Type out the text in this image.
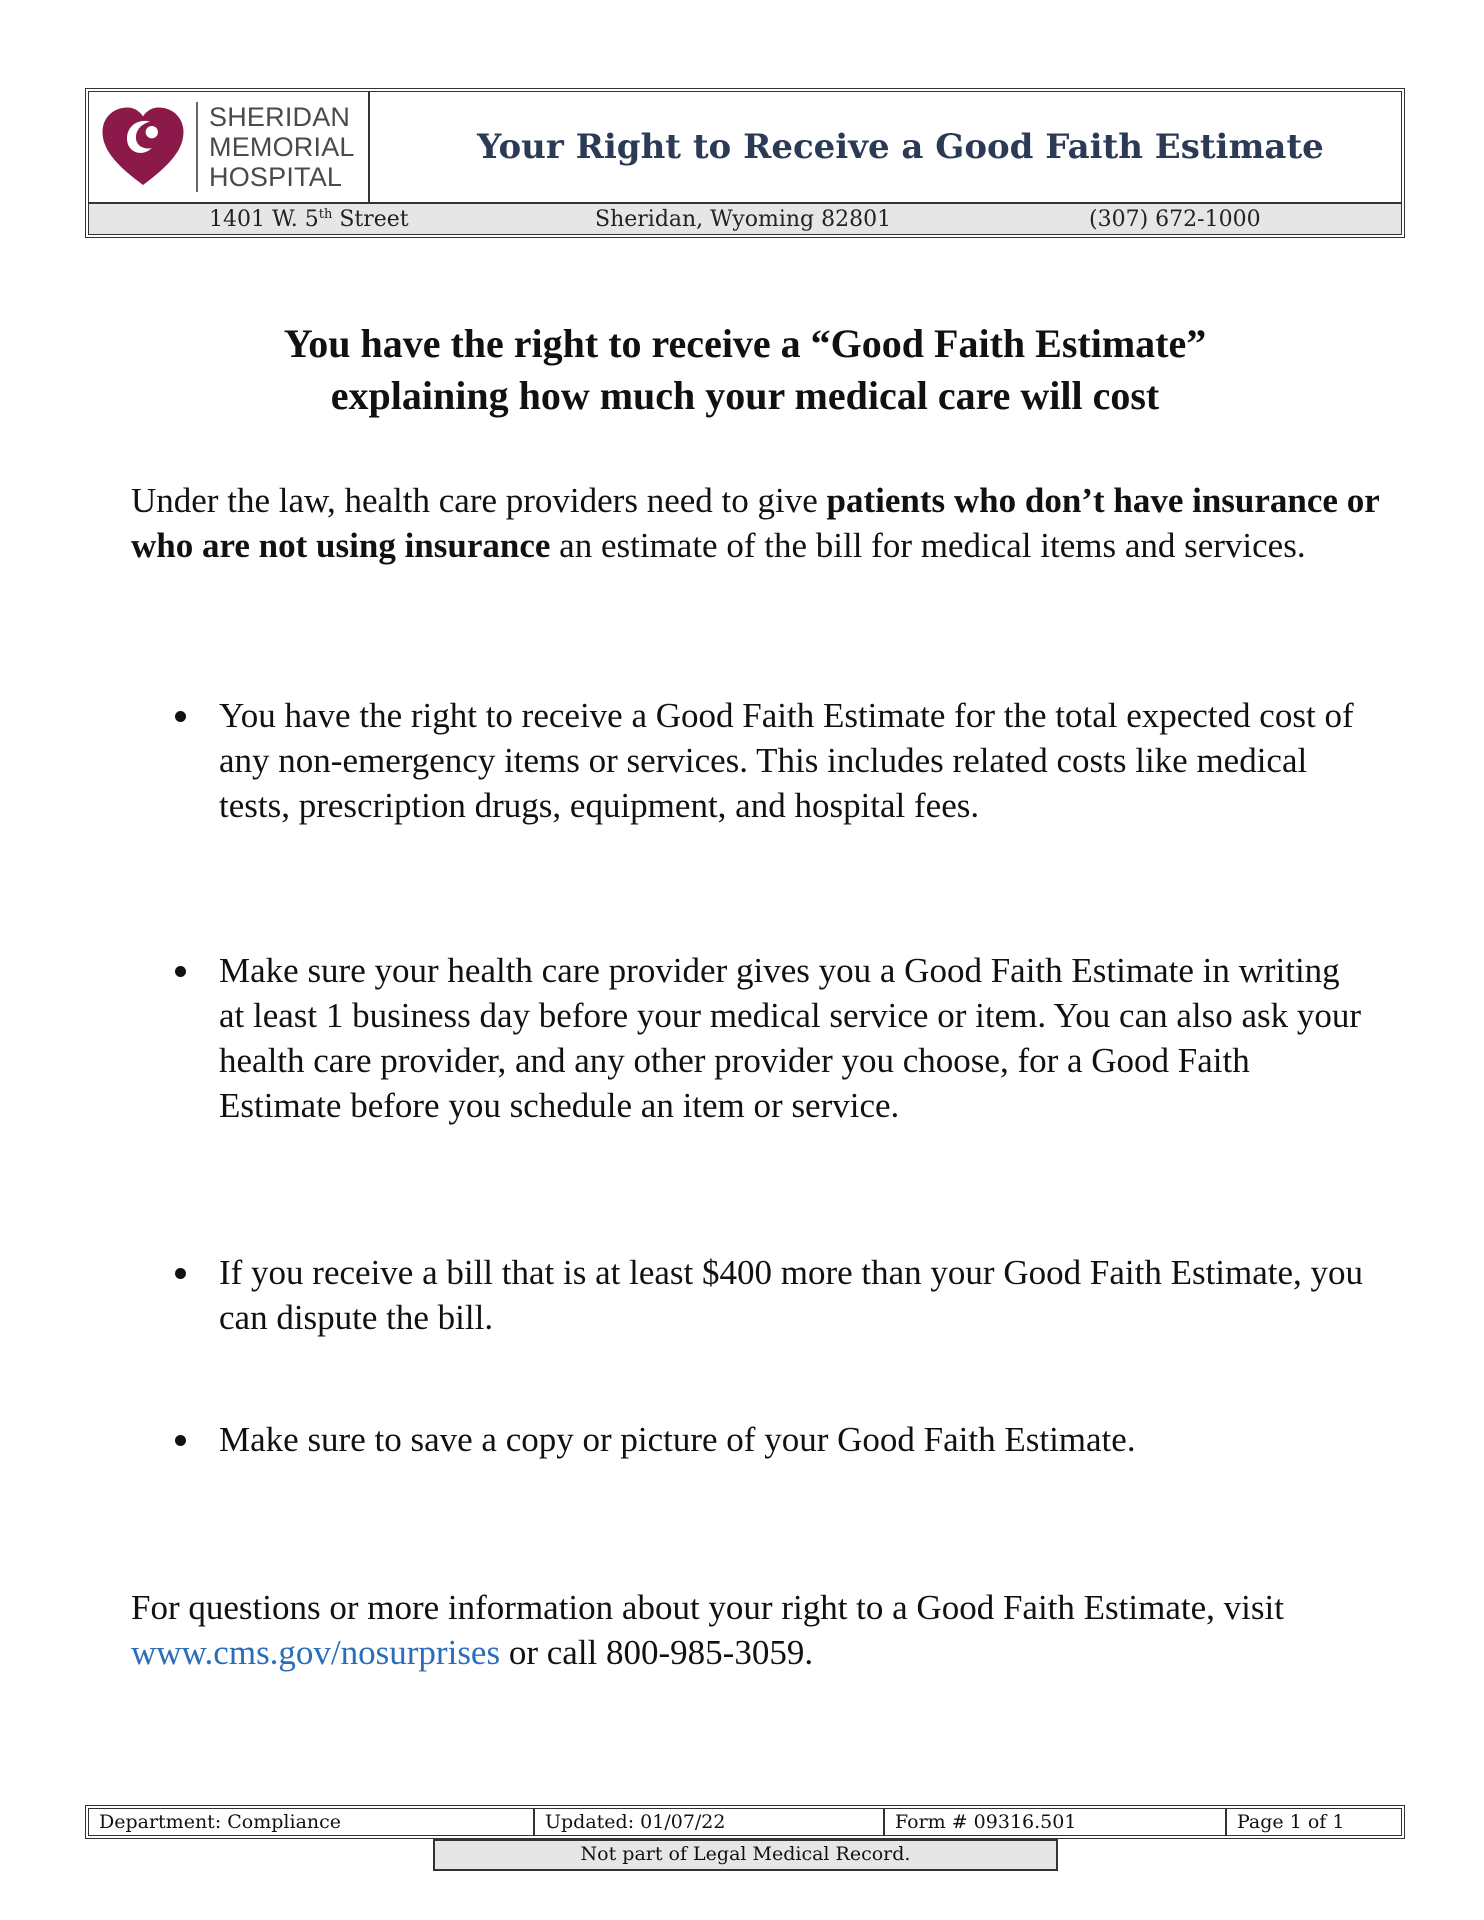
SHERIDAN
MEMORIAL
HOSPITAL
Your Right to Receive a Good Faith Estimate
1401 W. 5th Street	Sheridan, Wyoming 82801	(307) 672-1000
You have the right to receive a “Good Faith Estimate”
explaining how much your medical care will cost

Under the law, health care providers need to give patients who don’t have insurance or who are not using insurance an estimate of the bill for medical items and services.

You have the right to receive a Good Faith Estimate for the total expected cost of any non-emergency items or services. This includes related costs like medical tests, prescription drugs, equipment, and hospital fees.
Make sure your health care provider gives you a Good Faith Estimate in writing at least 1 business day before your medical service or item. You can also ask your health care provider, and any other provider you choose, for a Good Faith Estimate before you schedule an item or service.
If you receive a bill that is at least $400 more than your Good Faith Estimate, you can dispute the bill.
Make sure to save a copy or picture of your Good Faith Estimate.

For questions or more information about your right to a Good Faith Estimate, visit www.cms.gov/nosurprises or call 800-985-3059.

Department: Compliance	Updated: 01/07/22	Form # 09316.501	Page 1 of 1
Not part of Legal Medical Record.
